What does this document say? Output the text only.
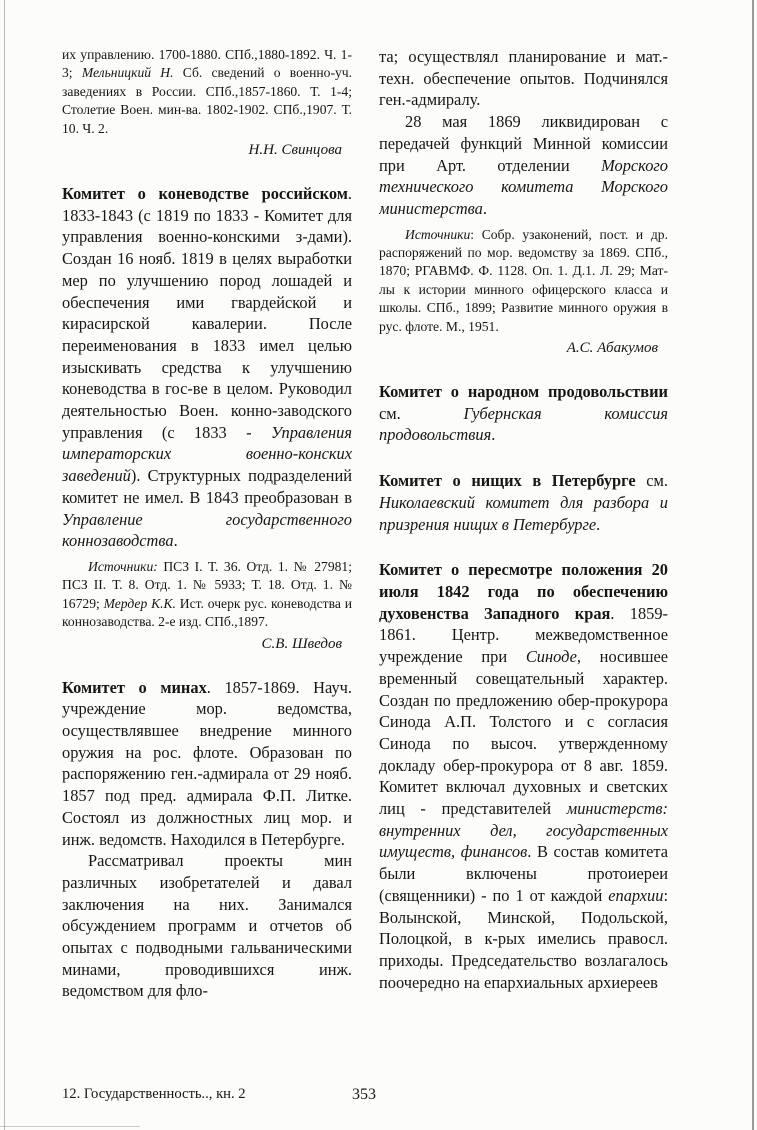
их управлению. 1700-1880. СПб.,1880-1892. Ч. 1-3; Мельницкий Н. Сб. сведений о военно-уч. заведениях в России. СПб.,1857-1860. Т. 1-4; Столетие Воен. мин-ва. 1802-1902. СПб.,1907. Т. 10. Ч. 2.

Н.Н. Свинцова

Комитет о коневодстве российском. 1833-1843 (с 1819 по 1833 - Комитет для управления военно-конскими з-дами). Создан 16 нояб. 1819 в целях выработки мер по улучшению пород лошадей и обеспечения ими гвардейской и кирасирской кавалерии. После переименования в 1833 имел целью изыскивать средства к улучшению коневодства в гос-ве в целом. Руководил деятельностью Воен. конно-заводского управления (с 1833 - Управления императорских военно-конских заведений). Структурных подразделений комитет не имел. В 1843 преобразован в Управление государственного коннозаводства.

Источники: ПСЗ I. Т. 36. Отд. 1. № 27981; ПСЗ II. Т. 8. Отд. 1. № 5933; Т. 18. Отд. 1. № 16729; Мердер К.К. Ист. очерк рус. коневодства и коннозаводства. 2-е изд. СПб.,1897.

С.В. Шведов

Комитет о минах. 1857-1869. Науч. учреждение мор. ведомства, осуществлявшее внедрение минного оружия на рос. флоте. Образован по распоряжению ген.-адмирала от 29 нояб. 1857 под пред. адмирала Ф.П. Литке. Состоял из должностных лиц мор. и инж. ведомств. Находился в Петербурге.

Рассматривал проекты мин различных изобретателей и давал заключения на них. Занимался обсуждением программ и отчетов об опытах с подводными гальваническими минами, проводившихся инж. ведомством для фло-

та; осуществлял планирование и мат.-техн. обеспечение опытов. Подчинялся ген.-адмиралу.

28 мая 1869 ликвидирован с передачей функций Минной комиссии при Арт. отделении Морского технического комитета Морского министерства.

Источники: Собр. узаконений, пост. и др. распоряжений по мор. ведомству за 1869. СПб., 1870; РГАВМФ. Ф. 1128. Оп. 1. Д.1. Л. 29; Мат-лы к истории минного офицерского класса и школы. СПб., 1899; Развитие минного оружия в рус. флоте. М., 1951.

А.С. Абакумов

Комитет о народном продовольствии см. Губернская комиссия продовольствия.

Комитет о нищих в Петербурге см. Николаевский комитет для разбора и призрения нищих в Петербурге.

Комитет о пересмотре положения 20 июля 1842 года по обеспечению духовенства Западного края. 1859-1861. Центр. межведомственное учреждение при Синоде, носившее временный совещательный характер. Создан по предложению обер-прокурора Синода А.П. Толстого и с согласия Синода по высоч. утвержденному докладу обер-прокурора от 8 авг. 1859. Комитет включал духовных и светских лиц - представителей министерств: внутренних дел, государственных имуществ, финансов. В состав комитета были включены протоиереи (священники) - по 1 от каждой епархии: Волынской, Минской, Подольской, Полоцкой, в к-рых имелись правосл. приходы. Председательство возлагалось поочередно на епархиальных архиереев

12. Государственность.., кн. 2	353
